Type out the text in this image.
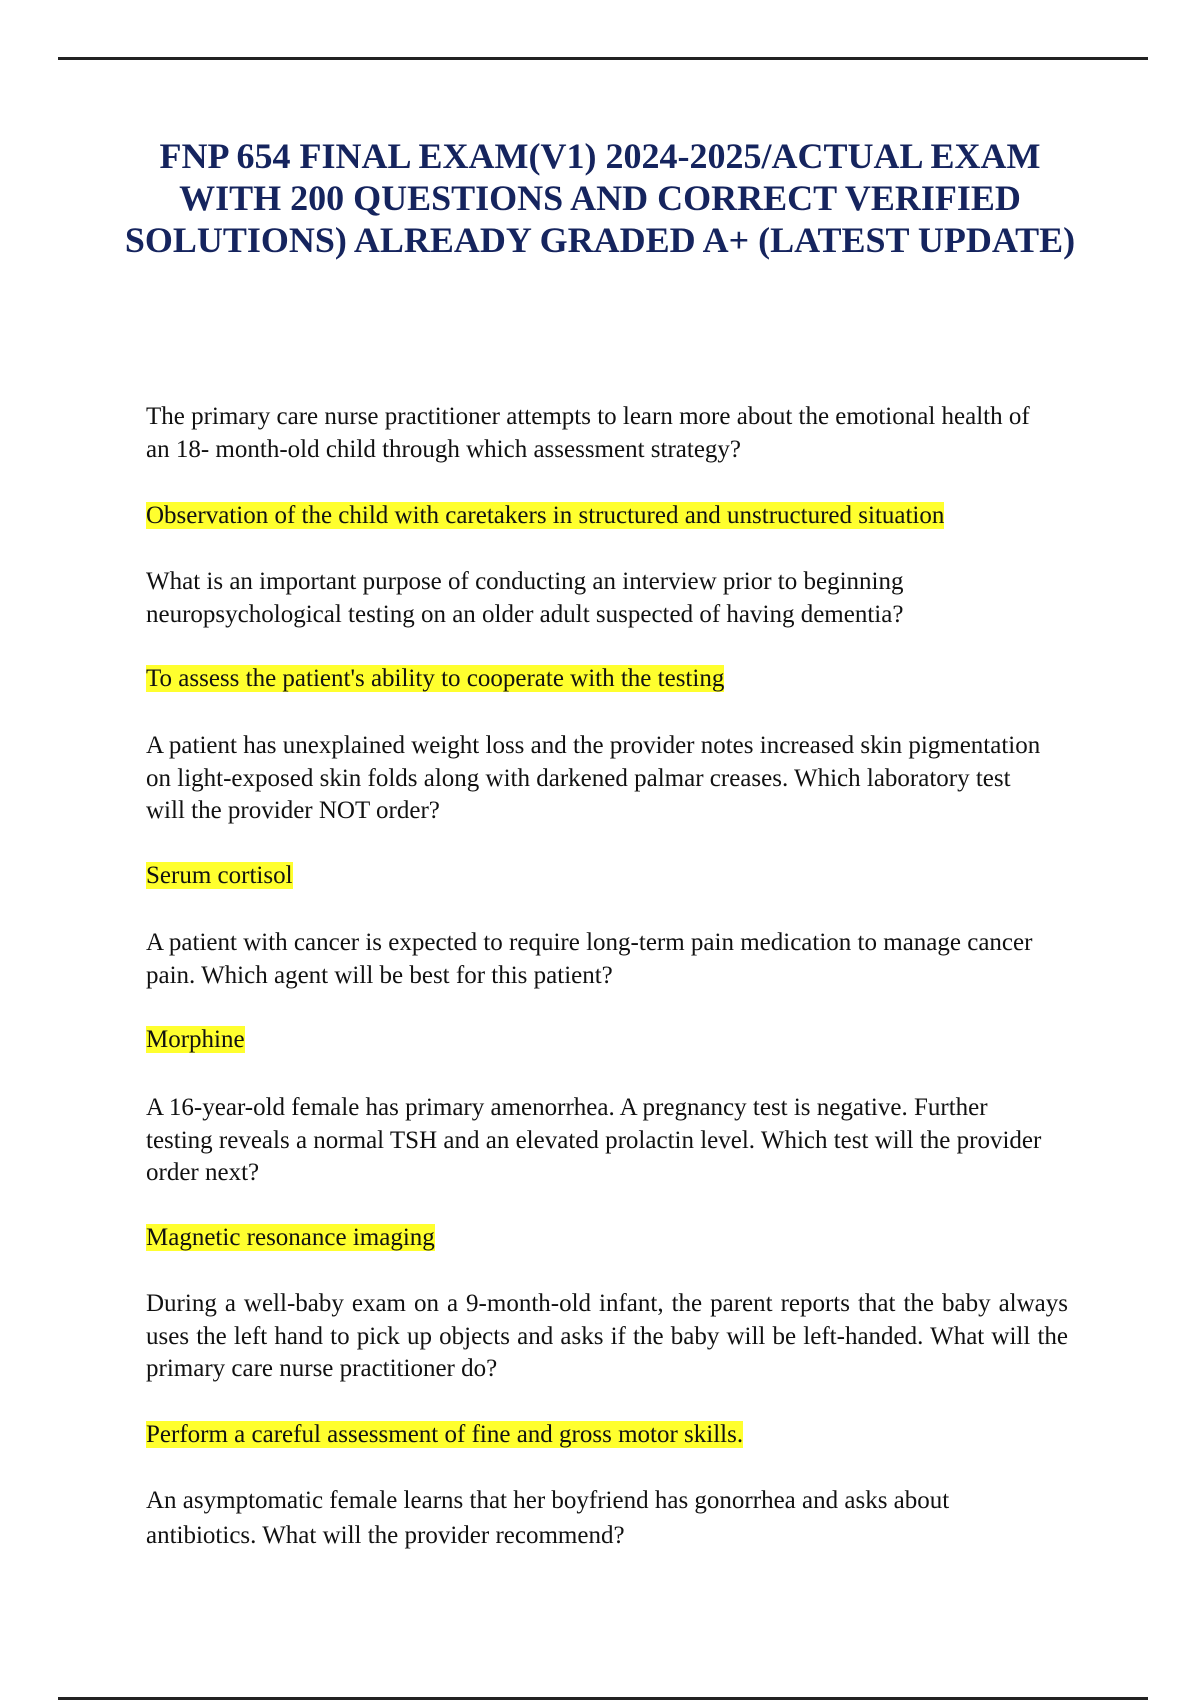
FNP 654 FINAL EXAM(V1) 2024-2025/ACTUAL EXAM WITH 200 QUESTIONS AND CORRECT VERIFIED SOLUTIONS) ALREADY GRADED A+ (LATEST UPDATE)

The primary care nurse practitioner attempts to learn more about the emotional health of an 18- month-old child through which assessment strategy?

Observation of the child with caretakers in structured and unstructured situation

What is an important purpose of conducting an interview prior to beginning neuropsychological testing on an older adult suspected of having dementia?

To assess the patient's ability to cooperate with the testing

A patient has unexplained weight loss and the provider notes increased skin pigmentation on light-exposed skin folds along with darkened palmar creases. Which laboratory test will the provider NOT order?

Serum cortisol

A patient with cancer is expected to require long-term pain medication to manage cancer pain. Which agent will be best for this patient?

Morphine

A 16-year-old female has primary amenorrhea. A pregnancy test is negative. Further testing reveals a normal TSH and an elevated prolactin level. Which test will the provider order next?

Magnetic resonance imaging

During a well-baby exam on a 9-month-old infant, the parent reports that the baby always uses the left hand to pick up objects and asks if the baby will be left-handed. What will the primary care nurse practitioner do?

Perform a careful assessment of fine and gross motor skills.

An asymptomatic female learns that her boyfriend has gonorrhea and asks about antibiotics. What will the provider recommend?
